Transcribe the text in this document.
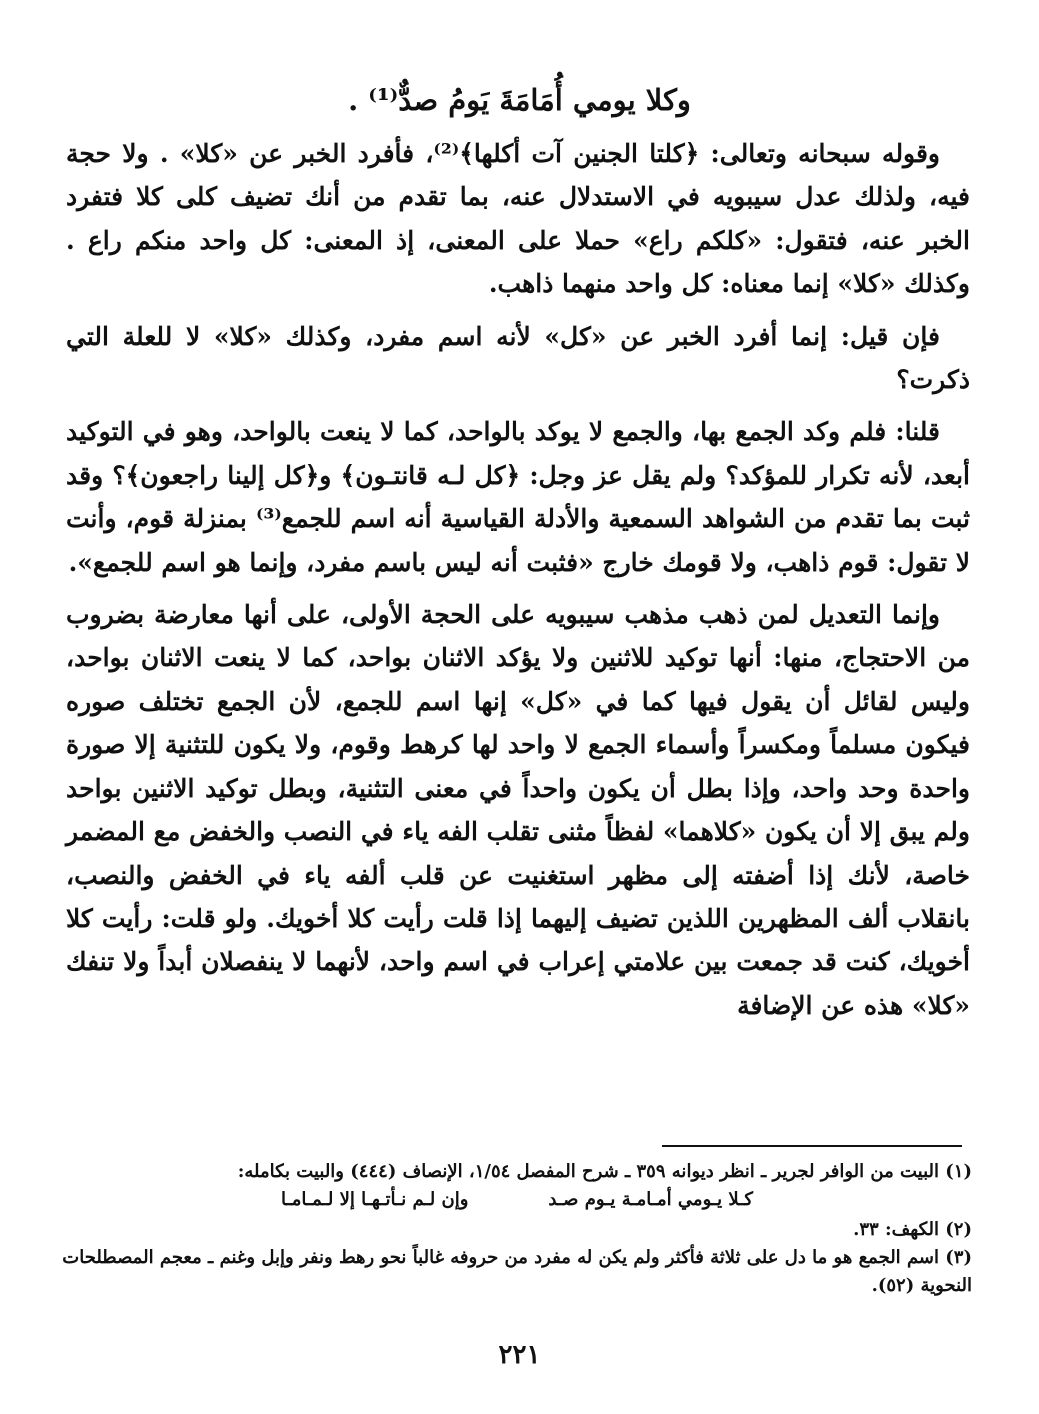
وكلا يومي أُمَامَةَ يَومُ صدٌّ⁽¹⁾ .

وقوله سبحانه وتعالى: ﴿كلتا الجنين آت أكلها﴾⁽²⁾، فأفرد الخبر عن «كلا» . ولا حجة فيه، ولذلك عدل سيبويه في الاستدلال عنه، بما تقدم من أنك تضيف كلى كلا فتفرد الخبر عنه، فتقول: «كلكم راع» حملا على المعنى، إذ المعنى: كل واحد منكم راع . وكذلك «كلا» إنما معناه: كل واحد منهما ذاهب.

فإن قيل: إنما أفرد الخبر عن «كل» لأنه اسم مفرد، وكذلك «كلا» لا للعلة التي ذكرت؟

قلنا: فلم وكد الجمع بها، والجمع لا يوكد بالواحد، كما لا ينعت بالواحد، وهو في التوكيد أبعد، لأنه تكرار للمؤكد؟ ولم يقل عز وجل: ﴿كل لـه قانتـون﴾ و﴿كل إلينا راجعون﴾؟ وقد ثبت بما تقدم من الشواهد السمعية والأدلة القياسية أنه اسم للجمع⁽³⁾ بمنزلة قوم، وأنت لا تقول: قوم ذاهب، ولا قومك خارج «فثبت أنه ليس باسم مفرد، وإنما هو اسم للجمع».

وإنما التعديل لمن ذهب مذهب سيبويه على الحجة الأولى، على أنها معارضة بضروب من الاحتجاج، منها: أنها توكيد للاثنين ولا يؤكد الاثنان بواحد، كما لا ينعت الاثنان بواحد، وليس لقائل أن يقول فيها كما في «كل» إنها اسم للجمع، لأن الجمع تختلف صوره فيكون مسلماً ومكسراً وأسماء الجمع لا واحد لها كرهط وقوم، ولا يكون للتثنية إلا صورة واحدة وحد واحد، وإذا بطل أن يكون واحداً في معنى التثنية، وبطل توكيد الاثنين بواحد ولم يبق إلا أن يكون «كلاهما» لفظاً مثنى تقلب الفه ياء في النصب والخفض مع المضمر خاصة، لأنك إذا أضفته إلى مظهر استغنيت عن قلب ألفه ياء في الخفض والنصب، بانقلاب ألف المظهرين اللذين تضيف إليهما إذا قلت رأيت كلا أخويك. ولو قلت: رأيت كلا أخويك، كنت قد جمعت بين علامتي إعراب في اسم واحد، لأنهما لا ينفصلان أبداً ولا تنفك «كلا» هذه عن الإضافة

(١) البيت من الوافر لجرير ـ انظر ديوانه ٣٥٩ ـ شرح المفصل ١/٥٤، الإنصاف (٤٤٤) والبيت بكامله:

كـلا يـومي أمـامـة يـوم صـد
وإن لـم نـأتـهـا إلا لـمـامـا

(٢) الكهف: ٣٣.

(٣) اسم الجمع هو ما دل على ثلاثة فأكثر ولم يكن له مفرد من حروفه غالباً نحو رهط ونفر وإبل وغنم ـ معجم المصطلحات النحوية (٥٢).

٢٢١
